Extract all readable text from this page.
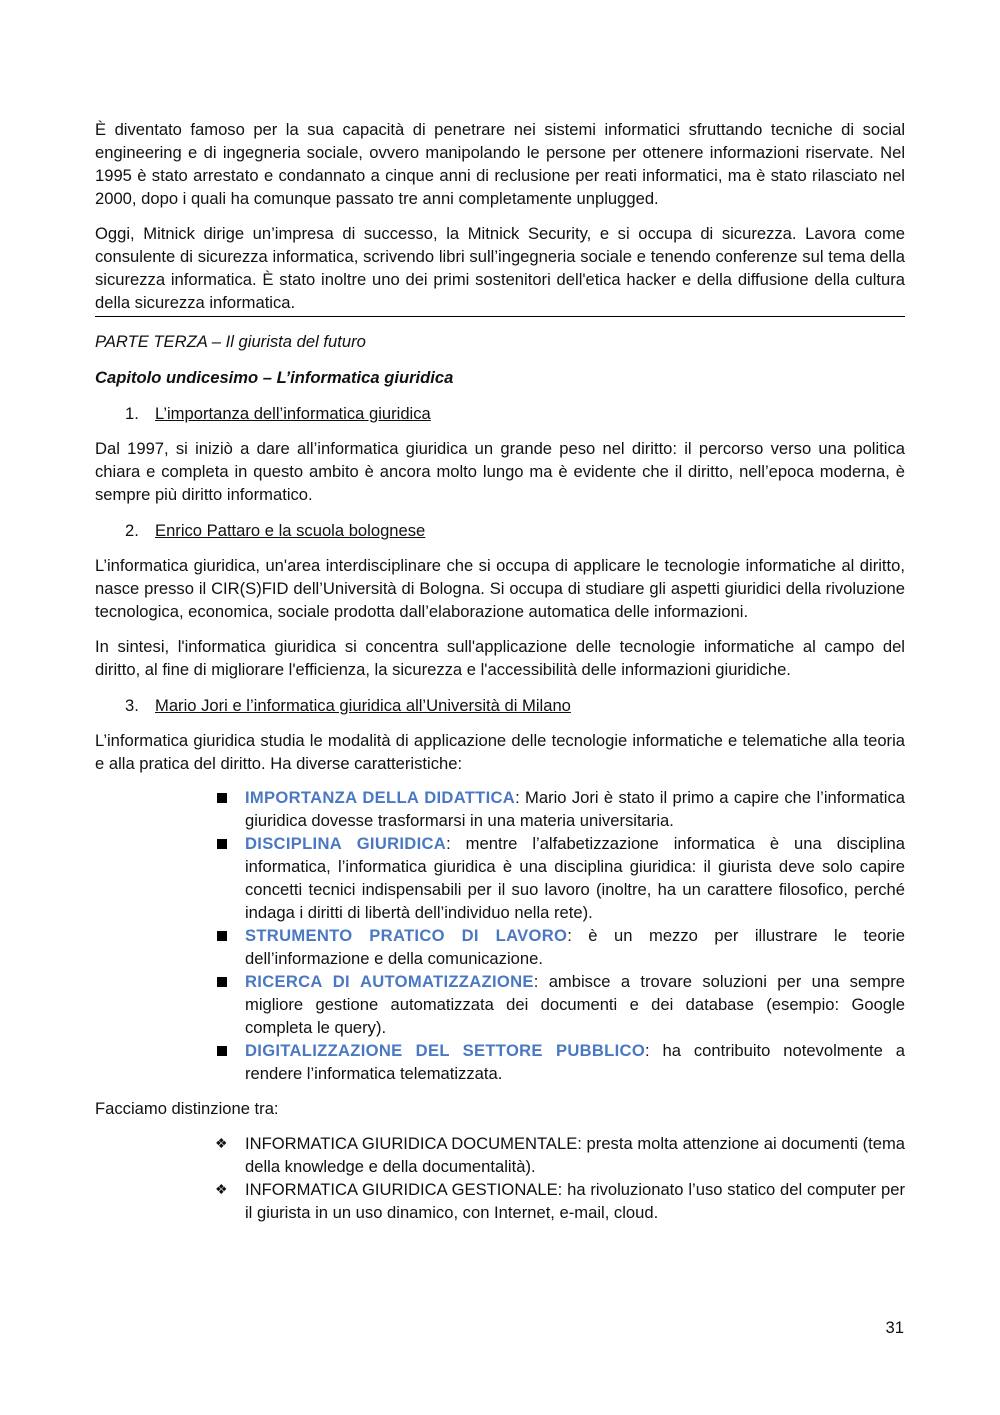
È diventato famoso per la sua capacità di penetrare nei sistemi informatici sfruttando tecniche di social engineering e di ingegneria sociale, ovvero manipolando le persone per ottenere informazioni riservate. Nel 1995 è stato arrestato e condannato a cinque anni di reclusione per reati informatici, ma è stato rilasciato nel 2000, dopo i quali ha comunque passato tre anni completamente unplugged.

Oggi, Mitnick dirige un’impresa di successo, la Mitnick Security, e si occupa di sicurezza. Lavora come consulente di sicurezza informatica, scrivendo libri sull’ingegneria sociale e tenendo conferenze sul tema della sicurezza informatica. È stato inoltre uno dei primi sostenitori dell'etica hacker e della diffusione della cultura della sicurezza informatica.

PARTE TERZA – Il giurista del futuro

Capitolo undicesimo – L’informatica giuridica

1. L’importanza dell’informatica giuridica

Dal 1997, si iniziò a dare all’informatica giuridica un grande peso nel diritto: il percorso verso una politica chiara e completa in questo ambito è ancora molto lungo ma è evidente che il diritto, nell’epoca moderna, è sempre più diritto informatico.

2. Enrico Pattaro e la scuola bolognese

L’informatica giuridica, un'area interdisciplinare che si occupa di applicare le tecnologie informatiche al diritto, nasce presso il CIR(S)FID dell’Università di Bologna. Si occupa di studiare gli aspetti giuridici della rivoluzione tecnologica, economica, sociale prodotta dall’elaborazione automatica delle informazioni.

In sintesi, l'informatica giuridica si concentra sull'applicazione delle tecnologie informatiche al campo del diritto, al fine di migliorare l'efficienza, la sicurezza e l'accessibilità delle informazioni giuridiche.

3. Mario Jori e l’informatica giuridica all’Università di Milano

L’informatica giuridica studia le modalità di applicazione delle tecnologie informatiche e telematiche alla teoria e alla pratica del diritto. Ha diverse caratteristiche:

IMPORTANZA DELLA DIDATTICA: Mario Jori è stato il primo a capire che l’informatica giuridica dovesse trasformarsi in una materia universitaria.
DISCIPLINA GIURIDICA: mentre l’alfabetizzazione informatica è una disciplina informatica, l’informatica giuridica è una disciplina giuridica: il giurista deve solo capire concetti tecnici indispensabili per il suo lavoro (inoltre, ha un carattere filosofico, perché indaga i diritti di libertà dell’individuo nella rete).
STRUMENTO PRATICO DI LAVORO: è un mezzo per illustrare le teorie dell’informazione e della comunicazione.
RICERCA DI AUTOMATIZZAZIONE: ambisce a trovare soluzioni per una sempre migliore gestione automatizzata dei documenti e dei database (esempio: Google completa le query).
DIGITALIZZAZIONE DEL SETTORE PUBBLICO: ha contribuito notevolmente a rendere l’informatica telematizzata.

Facciamo distinzione tra:

❖	INFORMATICA GIURIDICA DOCUMENTALE: presta molta attenzione ai documenti (tema della knowledge e della documentalità).
❖	INFORMATICA GIURIDICA GESTIONALE: ha rivoluzionato l’uso statico del computer per il giurista in un uso dinamico, con Internet, e-mail, cloud.
31
